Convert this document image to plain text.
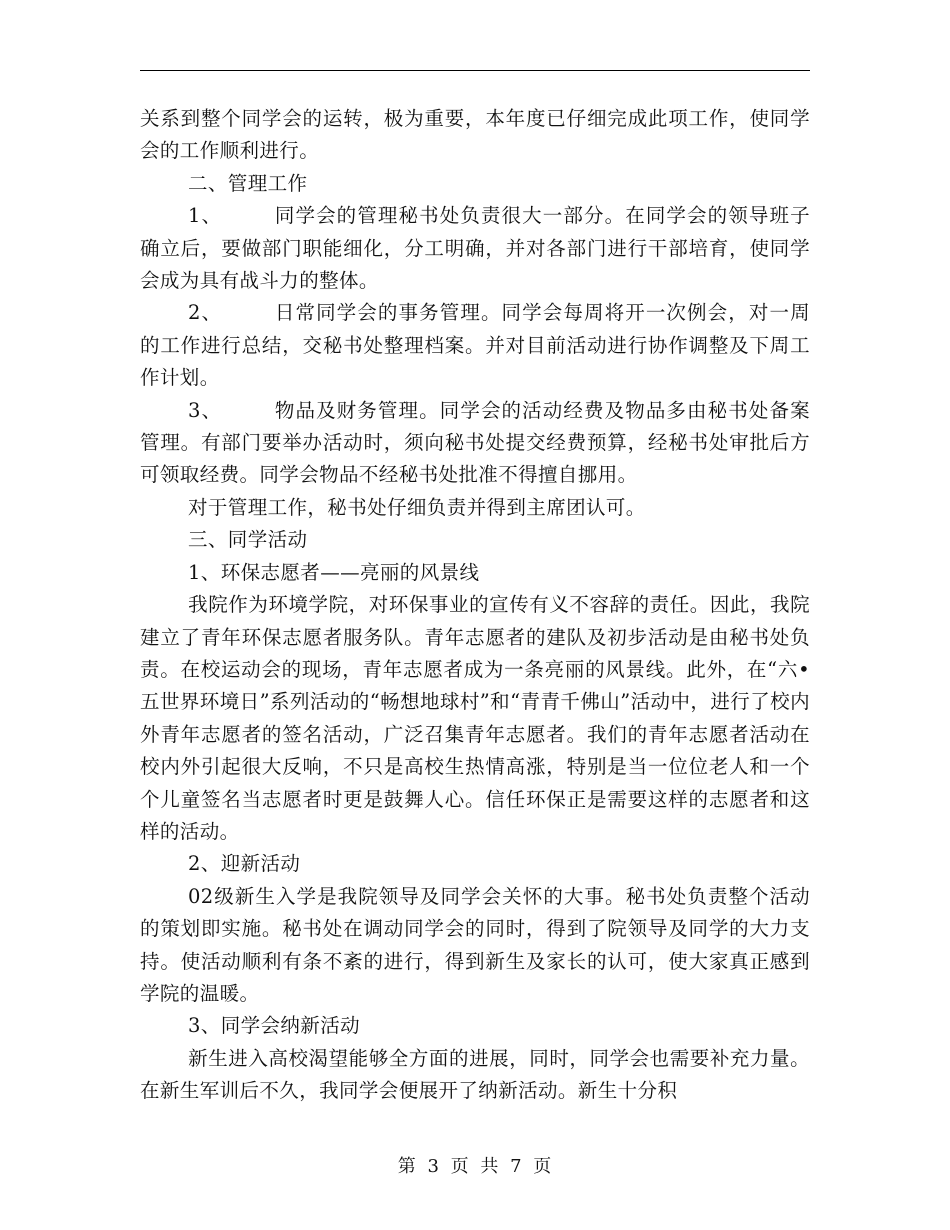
关系到整个同学会的运转，极为重要，本年度已仔细完成此项工作，使同学会的工作顺利进行。

二、管理工作

1、	同学会的管理秘书处负责很大一部分。在同学会的领导班子确立后，要做部门职能细化，分工明确，并对各部门进行干部培育，使同学会成为具有战斗力的整体。

2、	日常同学会的事务管理。同学会每周将开一次例会，对一周的工作进行总结，交秘书处整理档案。并对目前活动进行协作调整及下周工作计划。

3、	物品及财务管理。同学会的活动经费及物品多由秘书处备案管理。有部门要举办活动时，须向秘书处提交经费预算，经秘书处审批后方可领取经费。同学会物品不经秘书处批准不得擅自挪用。

对于管理工作，秘书处仔细负责并得到主席团认可。

三、同学活动

1、环保志愿者——亮丽的风景线

我院作为环境学院，对环保事业的宣传有义不容辞的责任。因此，我院建立了青年环保志愿者服务队。青年志愿者的建队及初步活动是由秘书处负责。在校运动会的现场，青年志愿者成为一条亮丽的风景线。此外，在“六•五世界环境日”系列活动的“畅想地球村”和“青青千佛山”活动中，进行了校内外青年志愿者的签名活动，广泛召集青年志愿者。我们的青年志愿者活动在校内外引起很大反响，不只是高校生热情高涨，特别是当一位位老人和一个个儿童签名当志愿者时更是鼓舞人心。信任环保正是需要这样的志愿者和这样的活动。

2、迎新活动

02级新生入学是我院领导及同学会关怀的大事。秘书处负责整个活动的策划即实施。秘书处在调动同学会的同时，得到了院领导及同学的大力支持。使活动顺利有条不紊的进行，得到新生及家长的认可，使大家真正感到学院的温暖。

3、同学会纳新活动

新生进入高校渴望能够全方面的进展，同时，同学会也需要补充力量。在新生军训后不久，我同学会便展开了纳新活动。新生十分积

第 3 页 共 7 页
